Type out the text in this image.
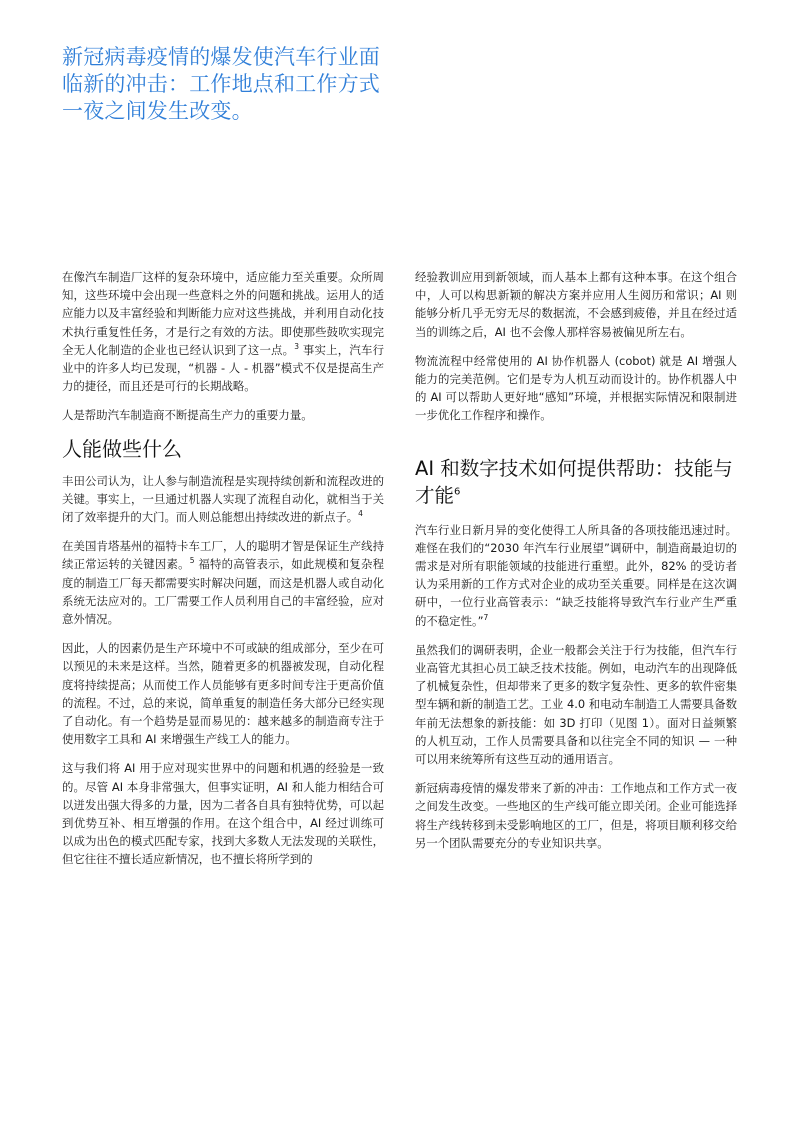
新冠病毒疫情的爆发使汽车行业面临新的冲击：工作地点和工作方式一夜之间发生改变。

在像汽车制造厂这样的复杂环境中，适应能力至关重要。众所周知，这些环境中会出现一些意料之外的问题和挑战。运用人的适应能力以及丰富经验和判断能力应对这些挑战，并利用自动化技术执行重复性任务，才是行之有效的方法。即使那些鼓吹实现完全无人化制造的企业也已经认识到了这一点。$^3$ 事实上，汽车行业中的许多人均已发现，“机器 - 人 - 机器”模式不仅是提高生产力的捷径，而且还是可行的长期战略。

人是帮助汽车制造商不断提高生产力的重要力量。

人能做些什么

丰田公司认为，让人参与制造流程是实现持续创新和流程改进的关键。事实上，一旦通过机器人实现了流程自动化，就相当于关闭了效率提升的大门。而人则总能想出持续改进的新点子。$^4$

在美国肯塔基州的福特卡车工厂，人的聪明才智是保证生产线持续正常运转的关键因素。$^5$ 福特的高管表示，如此规模和复杂程度的制造工厂每天都需要实时解决问题，而这是机器人或自动化系统无法应对的。工厂需要工作人员利用自己的丰富经验，应对意外情况。

因此，人的因素仍是生产环境中不可或缺的组成部分，至少在可以预见的未来是这样。当然，随着更多的机器被发现，自动化程度将持续提高；从而使工作人员能够有更多时间专注于更高价值的流程。不过，总的来说，简单重复的制造任务大部分已经实现了自动化。有一个趋势是显而易见的：越来越多的制造商专注于使用数字工具和 AI 来增强生产线工人的能力。

这与我们将 AI 用于应对现实世界中的问题和机遇的经验是一致的。尽管 AI 本身非常强大，但事实证明，AI 和人能力相结合可以迸发出强大得多的力量，因为二者各自具有独特优势，可以起到优势互补、相互增强的作用。在这个组合中，AI 经过训练可以成为出色的模式匹配专家，找到大多数人无法发现的关联性，但它往往不擅长适应新情况，也不擅长将所学到的

经验教训应用到新领域，而人基本上都有这种本事。在这个组合中，人可以构思新颖的解决方案并应用人生阅历和常识；AI 则能够分析几乎无穷无尽的数据流，不会感到疲倦，并且在经过适当的训练之后，AI 也不会像人那样容易被偏见所左右。

物流流程中经常使用的 AI 协作机器人 (cobot) 就是 AI 增强人能力的完美范例。它们是专为人机互动而设计的。协作机器人中的 AI 可以帮助人更好地“感知”环境，并根据实际情况和限制进一步优化工作程序和操作。

AI 和数字技术如何提供帮助：技能与才能$^6$

汽车行业日新月异的变化使得工人所具备的各项技能迅速过时。难怪在我们的“2030 年汽车行业展望”调研中，制造商最迫切的需求是对所有职能领域的技能进行重塑。此外，82% 的受访者认为采用新的工作方式对企业的成功至关重要。同样是在这次调研中，一位行业高管表示：“缺乏技能将导致汽车行业产生严重的不稳定性。”$^7$

虽然我们的调研表明，企业一般都会关注于行为技能，但汽车行业高管尤其担心员工缺乏技术技能。例如，电动汽车的出现降低了机械复杂性，但却带来了更多的数字复杂性、更多的软件密集型车辆和新的制造工艺。工业 4.0 和电动车制造工人需要具备数年前无法想象的新技能：如 3D 打印（见图 1）。面对日益频繁的人机互动，工作人员需要具备和以往完全不同的知识 — 一种可以用来统筹所有这些互动的通用语言。

新冠病毒疫情的爆发带来了新的冲击：工作地点和工作方式一夜之间发生改变。一些地区的生产线可能立即关闭。企业可能选择将生产线转移到未受影响地区的工厂，但是，将项目顺利移交给另一个团队需要充分的专业知识共享。
